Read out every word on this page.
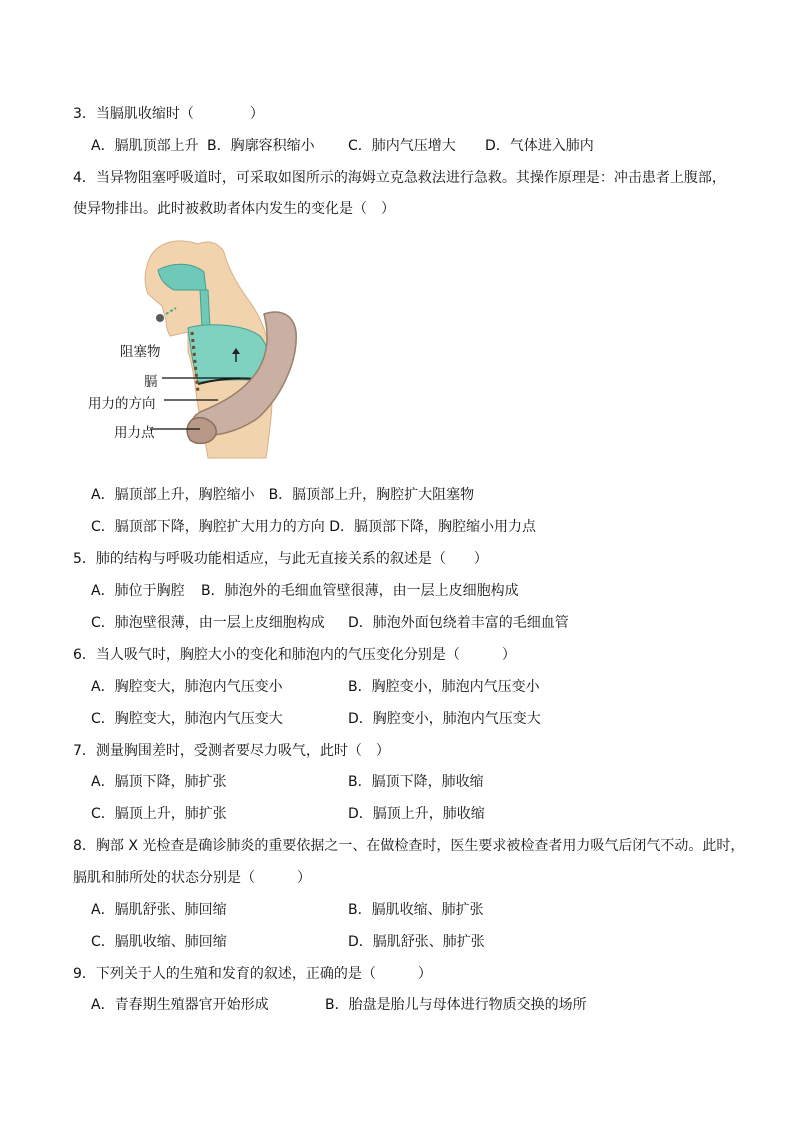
3．当膈肌收缩时（　　　　）
A．膈肌顶部上升 B．胸廓容积缩小 C．肺内气压增大 D．气体进入肺内
4．当异物阻塞呼吸道时，可采取如图所示的海姆立克急救法进行急救。其操作原理是：冲击患者上腹部，
使异物排出。此时被救助者体内发生的变化是（　）
阻塞物
膈
用力的方向
用力点
A．膈顶部上升，胸腔缩小　B．膈顶部上升，胸腔扩大阻塞物
C．膈顶部下降，胸腔扩大用力的方向 D．膈顶部下降，胸腔缩小用力点
5．肺的结构与呼吸功能相适应，与此无直接关系的叙述是（　　）
A．肺位于胸腔 B．肺泡外的毛细血管壁很薄，由一层上皮细胞构成
C．肺泡壁很薄，由一层上皮细胞构成 D．肺泡外面包绕着丰富的毛细血管
6．当人吸气时，胸腔大小的变化和肺泡内的气压变化分别是（　　　）
A．胸腔变大，肺泡内气压变小	B．胸腔变小，肺泡内气压变小
C．胸腔变大，肺泡内气压变大	D．胸腔变小，肺泡内气压变大
7．测量胸围差时，受测者要尽力吸气，此时（　）
A．膈顶下降，肺扩张	B．膈顶下降，肺收缩
C．膈顶上升，肺扩张	D．膈顶上升，肺收缩
8．胸部 X 光检查是确诊肺炎的重要依据之一、在做检查时，医生要求被检查者用力吸气后闭气不动。此时，
膈肌和肺所处的状态分别是（　　　）
A．膈肌舒张、肺回缩	B．膈肌收缩、肺扩张
C．膈肌收缩、肺回缩	D．膈肌舒张、肺扩张
9．下列关于人的生殖和发育的叙述，正确的是（　　　）
A．青春期生殖器官开始形成	B．胎盘是胎儿与母体进行物质交换的场所
